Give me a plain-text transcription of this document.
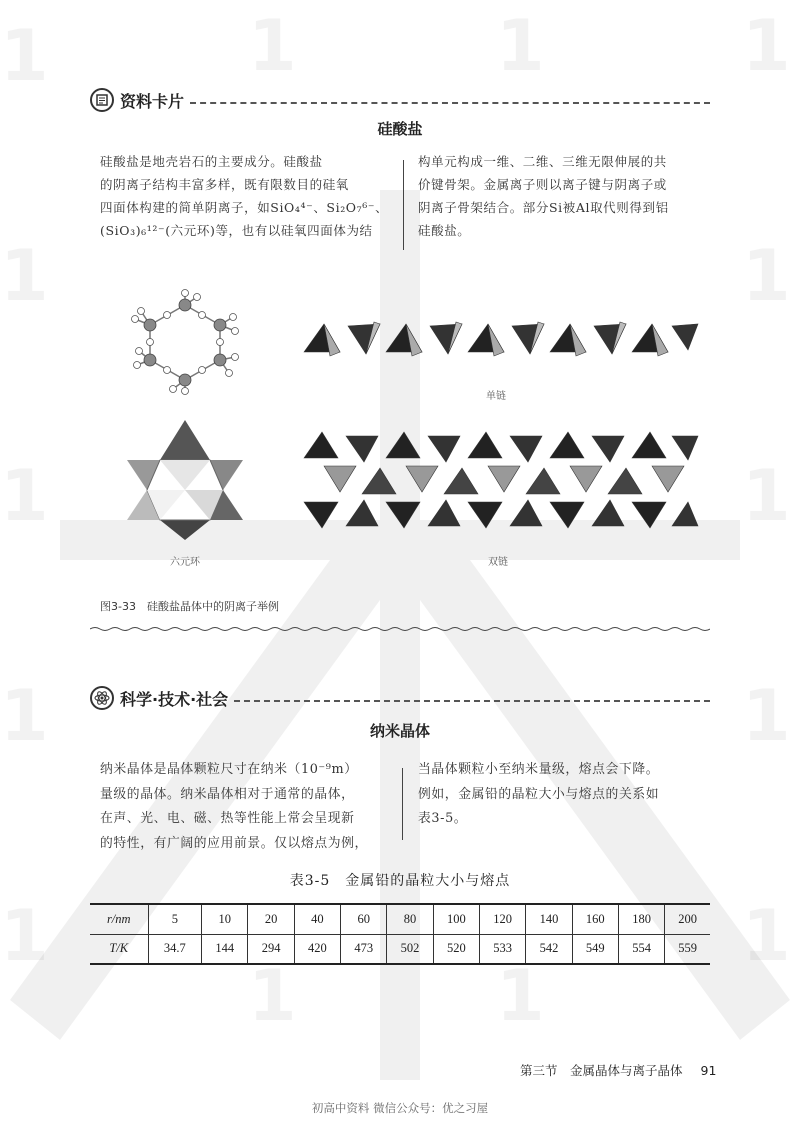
1
1
1
1
1
1	1	1
1
1
1
1
1	1
资料卡片
硅酸盐
硅酸盐是地壳岩石的主要成分。硅酸盐
的阴离子结构丰富多样，既有限数目的硅氧
四面体构建的简单阴离子，如SiO₄⁴⁻、Si₂O₇⁶⁻、
(SiO₃)₆¹²⁻(六元环)等，也有以硅氧四面体为结
构单元构成一维、二维、三维无限伸展的共
价键骨架。金属离子则以离子键与阴离子或
阴离子骨架结合。部分Si被Al取代则得到铝
硅酸盐。
单链
六元环	双链
图3-33　硅酸盐晶体中的阴离子举例
科学·技术·社会
纳米晶体
纳米晶体是晶体颗粒尺寸在纳米（10⁻⁹m）
量级的晶体。纳米晶体相对于通常的晶体，
在声、光、电、磁、热等性能上常会呈现新
的特性，有广阔的应用前景。仅以熔点为例，
当晶体颗粒小至纳米量级，熔点会下降。
例如，金属铅的晶粒大小与熔点的关系如
表3-5。
表3-5　金属铅的晶粒大小与熔点
r/nm	5	10	20	40	60	80	100	120	140	160	180	200
T/K	34.7	144	294	420	473	502	520	533	542	549	554	559
第三节　金属晶体与离子晶体 91
初高中资料 微信公众号：优之习屋
